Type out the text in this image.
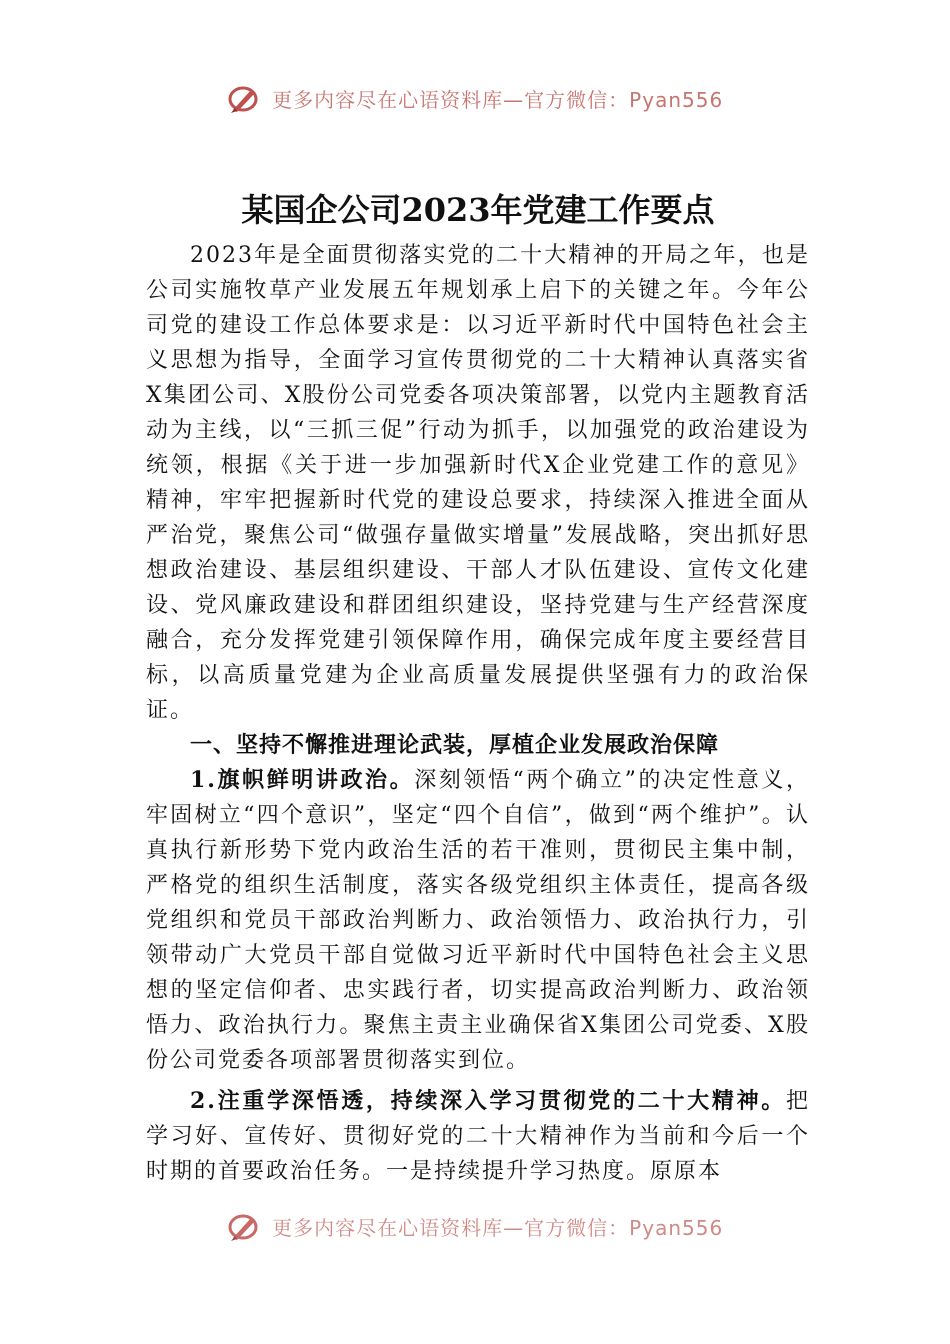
更多内容尽在心语资料库—官方微信：Pyan556
某国企公司2023年党建工作要点

2023年是全面贯彻落实党的二十大精神的开局之年，也是公司实施牧草产业发展五年规划承上启下的关键之年。今年公司党的建设工作总体要求是：以习近平新时代中国特色社会主义思想为指导，全面学习宣传贯彻党的二十大精神认真落实省X集团公司、X股份公司党委各项决策部署，以党内主题教育活动为主线，以“三抓三促”行动为抓手，以加强党的政治建设为统领，根据《关于进一步加强新时代X企业党建工作的意见》精神，牢牢把握新时代党的建设总要求，持续深入推进全面从严治党，聚焦公司“做强存量做实增量”发展战略，突出抓好思想政治建设、基层组织建设、干部人才队伍建设、宣传文化建设、党风廉政建设和群团组织建设，坚持党建与生产经营深度融合，充分发挥党建引领保障作用，确保完成年度主要经营目标，以高质量党建为企业高质量发展提供坚强有力的政治保证。

一、坚持不懈推进理论武装，厚植企业发展政治保障

1.旗帜鲜明讲政治。深刻领悟“两个确立”的决定性意义，牢固树立“四个意识”，坚定“四个自信”，做到“两个维护”。认真执行新形势下党内政治生活的若干准则，贯彻民主集中制，严格党的组织生活制度，落实各级党组织主体责任，提高各级党组织和党员干部政治判断力、政治领悟力、政治执行力，引领带动广大党员干部自觉做习近平新时代中国特色社会主义思想的坚定信仰者、忠实践行者，切实提高政治判断力、政治领悟力、政治执行力。聚焦主责主业确保省X集团公司党委、X股份公司党委各项部署贯彻落实到位。

2.注重学深悟透，持续深入学习贯彻党的二十大精神。把学习好、宣传好、贯彻好党的二十大精神作为当前和今后一个时期的首要政治任务。一是持续提升学习热度。原原本

更多内容尽在心语资料库—官方微信：Pyan556
